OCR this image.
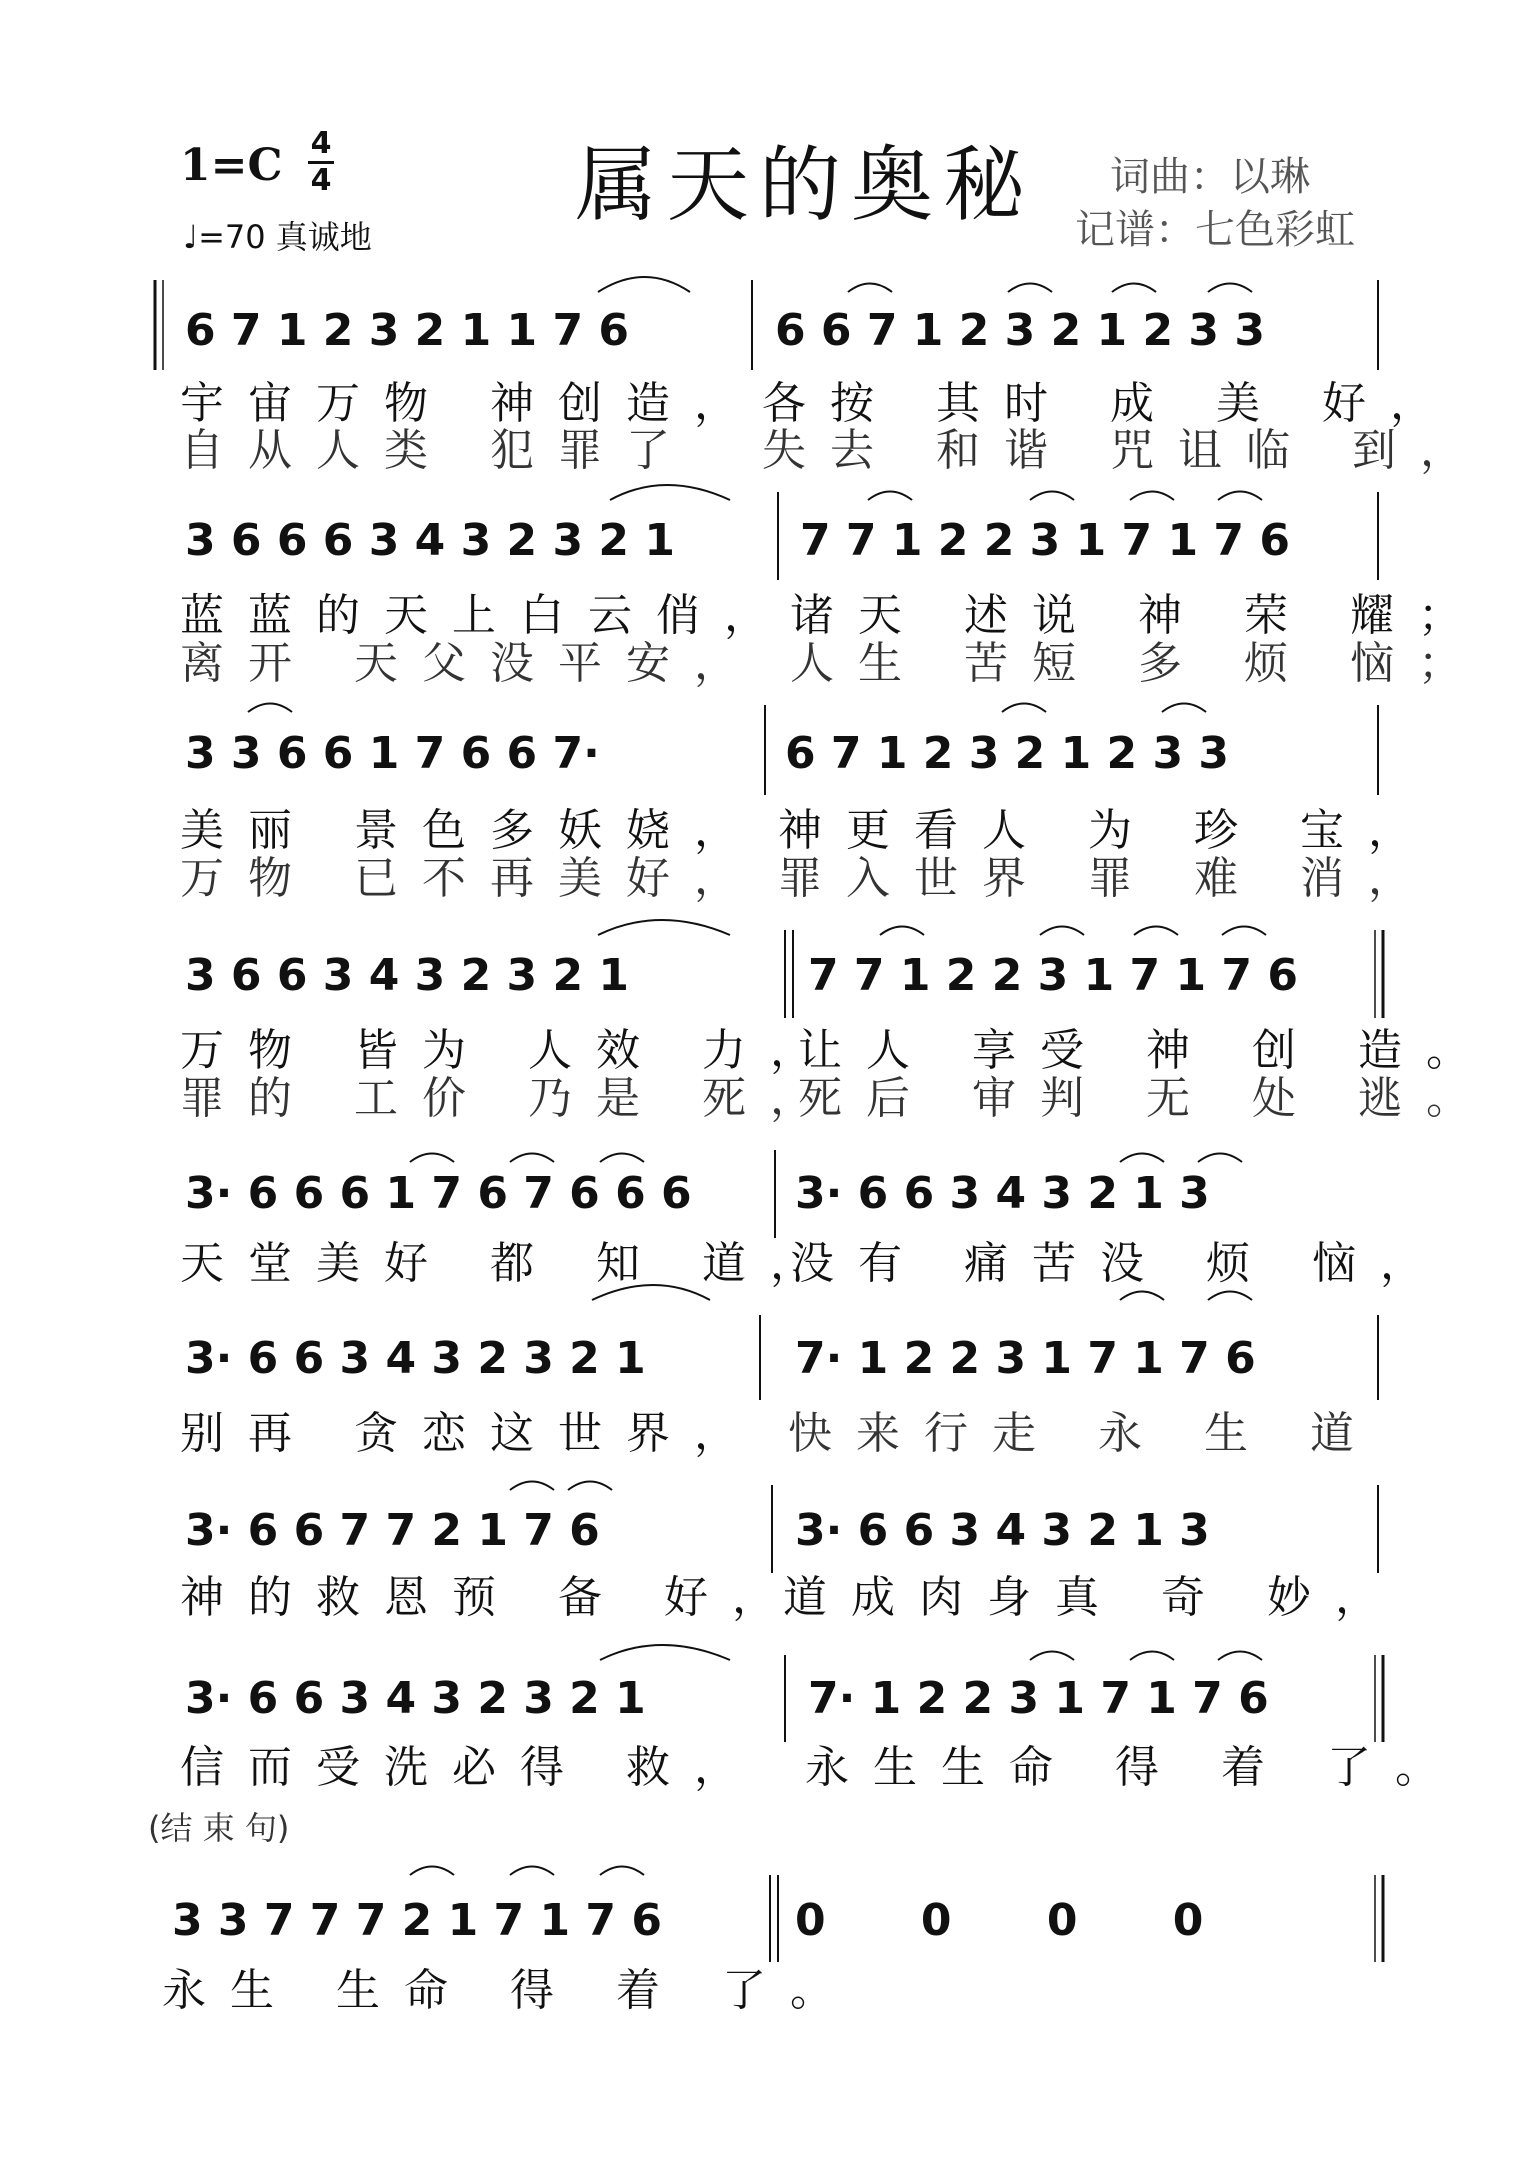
1=C 4
4
♩=70 真诚地
属天的奥秘 词曲：以琳
记谱：七色彩虹
6 7 1 2 3 2 1 1 7 6	6 6 7 1 2 3 2 1 2 3 3
宇宙万物 神创造， 各按 其时 成 美 好，
自从人类 犯罪了 失去 和谐 咒诅临 到，
3 6 6 6 3 4 3 2 3 2 1	7 7 1 2 2 3 1 7 1 7 6
蓝蓝的天上白云俏，
诸天 述说 神 荣 耀；
离开 天父没平安， 人生 苦短 多 烦 恼；
3 3 6 6 1 7 6 6 7·	6 7 1 2 3 2 1 2 3 3
美丽 景色多妖娆， 神更看人 为 珍 宝，
万物 已不再美好， 罪入世界 罪 难 消，
3 6 6 3 4 3 2 3 2 1	7 7 1 2 2 3 1 7 1 7 6
万物 皆为 人效 力，
让人 享受 神 创 造。
罪的 工价 乃是 死，
死后 审判 无 处 逃。
3· 6 6 6 1 7 6 7 6 6 6 3· 6 6 3 4 3 2 1 3
天堂美好 都 知 道，
没有 痛苦没 烦 恼，
3· 6 6 3 4 3 2 3 2 1	7· 1 2 2 3 1 7 1 7 6
别再 贪恋这世界， 快来行走 永 生 道
3· 6 6 7 7 2 1 7 6	3· 6 6 3 4 3 2 1 3
神的救恩预 备 好，
道成肉身真 奇 妙，
3· 6 6 3 4 3 2 3 2 1	7· 1 2 2 3 1 7 1 7 6
信而受洗必得 救， 永生生命 得 着 了。
3 3 7 7 7 2 1 7 1 7 6	0 0 0 0
永生 生命 得 着 了。
(结 束 句)
